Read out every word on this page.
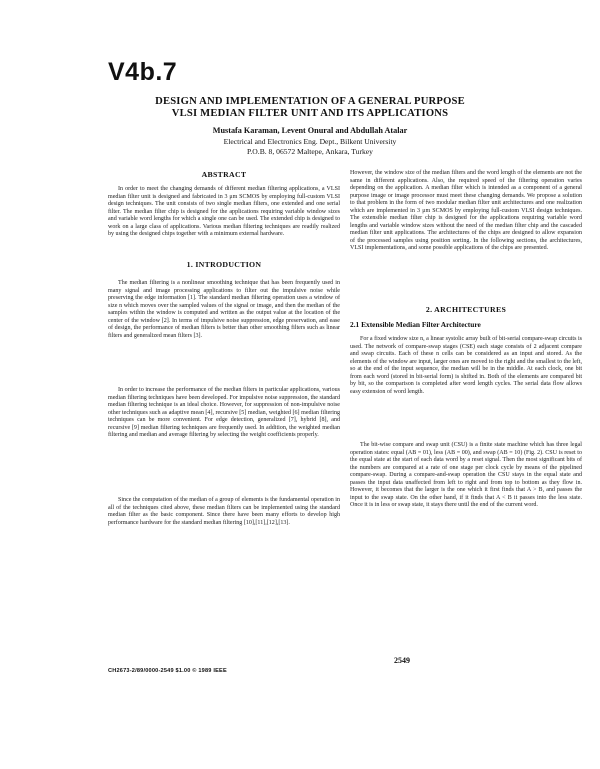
V4b.7

DESIGN AND IMPLEMENTATION OF A GENERAL PURPOSE
VLSI MEDIAN FILTER UNIT AND ITS APPLICATIONS

Mustafa Karaman, Levent Onural and Abdullah Atalar

Electrical and Electronics Eng. Dept., Bilkent University
P.O.B. 8, 06572 Maltepe, Ankara, Turkey

ABSTRACT

In order to meet the changing demands of different median filtering applications, a VLSI median filter unit is designed and fabricated in 3 μm SCMOS by employing full-custom VLSI design techniques. The unit consists of two single median filters, one extended and one serial filter. The median filter chip is designed for the applications requiring variable window sizes and variable word lengths for which a single one can be used. The extended chip is designed to work on a large class of applications. Various median filtering techniques are readily realized by using the designed chips together with a minimum external hardware.

1. INTRODUCTION

The median filtering is a nonlinear smoothing technique that has been frequently used in many signal and image processing applications to filter out the impulsive noise while preserving the edge information [1]. The standard median filtering operation uses a window of size n which moves over the sampled values of the signal or image, and then the median of the samples within the window is computed and written as the output value at the location of the center of the window [2]. In terms of impulsive noise suppression, edge preservation, and ease of design, the performance of median filters is better than other smoothing filters such as linear filters and generalized mean filters [3].

In order to increase the performance of the median filters in particular applications, various median filtering techniques have been developed. For impulsive noise suppression, the standard median filtering technique is an ideal choice. However, for suppression of non-impulsive noise other techniques such as adaptive mean [4], recursive [5] median, weighted [6] median filtering techniques can be more convenient. For edge detection, generalized [7], hybrid [8], and recursive [9] median filtering techniques are frequently used. In addition, the weighted median filtering and median and average filtering by selecting the weight coefficients properly.

Since the computation of the median of a group of elements is the fundamental operation in all of the techniques cited above, these median filters can be implemented using the standard median filter as the basic component. Since there have been many efforts to develop high performance hardware for the standard median filtering [10],[11],[12],[13].

However, the window size of the median filters and the word length of the elements are not the same in different applications. Also, the required speed of the filtering operation varies depending on the application. A median filter which is intended as a component of a general purpose image or image processor must meet these changing demands. We propose a solution to that problem in the form of two modular median filter unit architectures and one realization which are implemented in 3 μm SCMOS by employing full-custom VLSI design techniques. The extensible median filter chip is designed for the applications requiring variable word lengths and variable window sizes without the need of the median filter chip and the cascaded median filter unit applications. The architectures of the chips are designed to allow expansion of the processed samples using position sorting. In the following sections, the architectures, VLSI implementations, and some possible applications of the chips are presented.

2. ARCHITECTURES

2.1 Extensible Median Filter Architecture

For a fixed window size n, a linear systolic array built of bit-serial compare-swap circuits is used. The network of compare-swap stages (CSE) each stage consists of 2 adjacent compare and swap circuits. Each of these n cells can be considered as an input and stored. As the elements of the window are input, larger ones are moved to the right and the smallest to the left, so at the end of the input sequence, the median will be in the middle. At each clock, one bit from each word (stored in bit-serial form) is shifted in. Both of the elements are compared bit by bit, so the comparison is completed after word length cycles. The serial data flow allows easy extension of word length.

The bit-wise compare and swap unit (CSU) is a finite state machine which has three legal operation states: equal (AB = 01), less (AB = 00), and swap (AB = 10) (Fig. 2). CSU is reset to the equal state at the start of each data word by a reset signal. Then the most significant bits of the numbers are compared at a rate of one stage per clock cycle by means of the pipelined compare-swap. During a compare-and-swap operation the CSU stays in the equal state and passes the input data unaffected from left to right and from top to bottom as they flow in. However, it becomes that the larger is the one which it first finds that A > B, and passes the input to the swap state. On the other hand, if it finds that A < B it passes into the less state. Once it is in less or swap state, it stays there until the end of the current word.

2549

CH2673-2/89/0000-2549 $1.00 © 1989 IEEE
